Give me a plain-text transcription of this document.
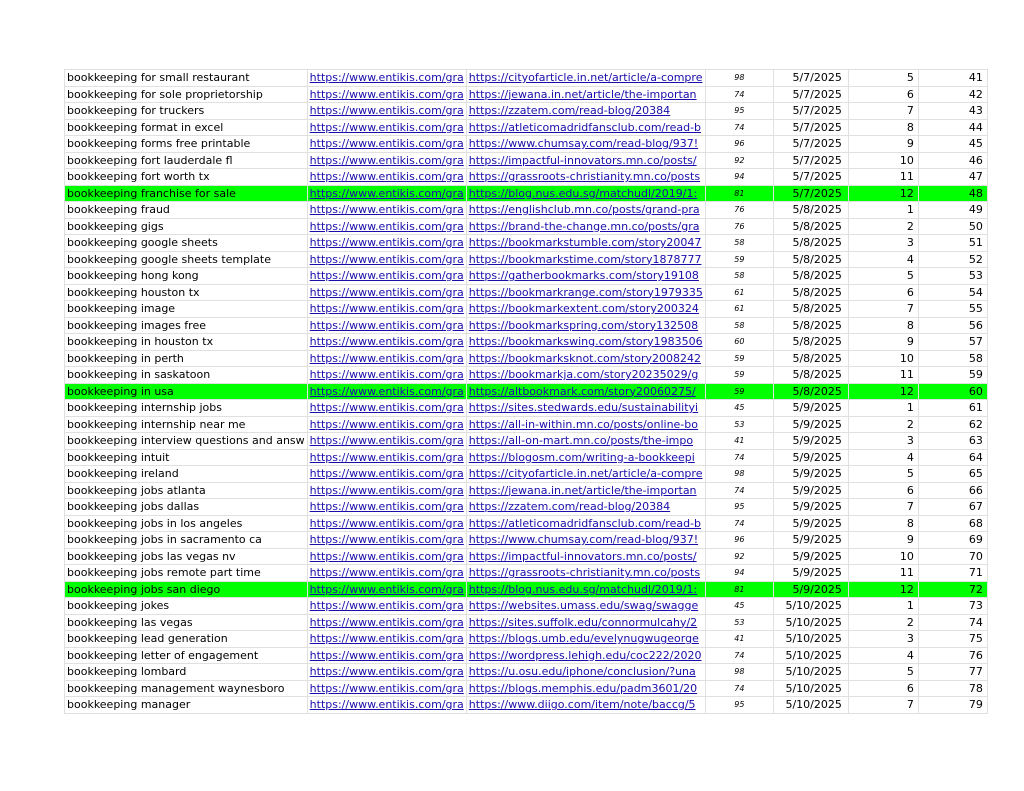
bookkeeping for small restaurant	https://www.entikis.com/gra	https://cityofarticle.in.net/article/a-compre	98	5/7/2025	5	41
bookkeeping for sole proprietorship	https://www.entikis.com/gra	https://jewana.in.net/article/the-importan	74	5/7/2025	6	42
bookkeeping for truckers	https://www.entikis.com/gra	https://zzatem.com/read-blog/20384	95	5/7/2025	7	43
bookkeeping format in excel	https://www.entikis.com/gra	https://atleticomadridfansclub.com/read-b	74	5/7/2025	8	44
bookkeeping forms free printable	https://www.entikis.com/gra	https://www.chumsay.com/read-blog/937!	96	5/7/2025	9	45
bookkeeping fort lauderdale fl	https://www.entikis.com/gra	https://impactful-innovators.mn.co/posts/	92	5/7/2025	10	46
bookkeeping fort worth tx	https://www.entikis.com/gra	https://grassroots-christianity.mn.co/posts	94	5/7/2025	11	47
bookkeeping franchise for sale	https://www.entikis.com/gra	https://blog.nus.edu.sg/matchudl/2019/1:	81	5/7/2025	12	48
bookkeeping fraud	https://www.entikis.com/gra	https://englishclub.mn.co/posts/grand-pra	76	5/8/2025	1	49
bookkeeping gigs	https://www.entikis.com/gra	https://brand-the-change.mn.co/posts/gra	76	5/8/2025	2	50
bookkeeping google sheets	https://www.entikis.com/gra	https://bookmarkstumble.com/story20047	58	5/8/2025	3	51
bookkeeping google sheets template	https://www.entikis.com/gra	https://bookmarkstime.com/story1878777	59	5/8/2025	4	52
bookkeeping hong kong	https://www.entikis.com/gra	https://gatherbookmarks.com/story19108	58	5/8/2025	5	53
bookkeeping houston tx	https://www.entikis.com/gra	https://bookmarkrange.com/story1979335	61	5/8/2025	6	54
bookkeeping image	https://www.entikis.com/gra	https://bookmarkextent.com/story200324	61	5/8/2025	7	55
bookkeeping images free	https://www.entikis.com/gra	https://bookmarkspring.com/story132508	58	5/8/2025	8	56
bookkeeping in houston tx	https://www.entikis.com/gra	https://bookmarkswing.com/story1983506	60	5/8/2025	9	57
bookkeeping in perth	https://www.entikis.com/gra	https://bookmarksknot.com/story2008242	59	5/8/2025	10	58
bookkeeping in saskatoon	https://www.entikis.com/gra	https://bookmarkja.com/story20235029/g	59	5/8/2025	11	59
bookkeeping in usa	https://www.entikis.com/gra	https://altbookmark.com/story20060275/	59	5/8/2025	12	60
bookkeeping internship jobs	https://www.entikis.com/gra	https://sites.stedwards.edu/sustainabilityi	45	5/9/2025	1	61
bookkeeping internship near me	https://www.entikis.com/gra	https://all-in-within.mn.co/posts/online-bo	53	5/9/2025	2	62
bookkeeping interview questions and answ	https://www.entikis.com/gra	https://all-on-mart.mn.co/posts/the-impo	41	5/9/2025	3	63
bookkeeping intuit	https://www.entikis.com/gra	https://blogosm.com/writing-a-bookkeepi	74	5/9/2025	4	64
bookkeeping ireland	https://www.entikis.com/gra	https://cityofarticle.in.net/article/a-compre	98	5/9/2025	5	65
bookkeeping jobs atlanta	https://www.entikis.com/gra	https://jewana.in.net/article/the-importan	74	5/9/2025	6	66
bookkeeping jobs dallas	https://www.entikis.com/gra	https://zzatem.com/read-blog/20384	95	5/9/2025	7	67
bookkeeping jobs in los angeles	https://www.entikis.com/gra	https://atleticomadridfansclub.com/read-b	74	5/9/2025	8	68
bookkeeping jobs in sacramento ca	https://www.entikis.com/gra	https://www.chumsay.com/read-blog/937!	96	5/9/2025	9	69
bookkeeping jobs las vegas nv	https://www.entikis.com/gra	https://impactful-innovators.mn.co/posts/	92	5/9/2025	10	70
bookkeeping jobs remote part time	https://www.entikis.com/gra	https://grassroots-christianity.mn.co/posts	94	5/9/2025	11	71
bookkeeping jobs san diego	https://www.entikis.com/gra	https://blog.nus.edu.sg/matchudl/2019/1:	81	5/9/2025	12	72
bookkeeping jokes	https://www.entikis.com/gra	https://websites.umass.edu/swag/swagge	45	5/10/2025	1	73
bookkeeping las vegas	https://www.entikis.com/gra	https://sites.suffolk.edu/connormulcahy/2	53	5/10/2025	2	74
bookkeeping lead generation	https://www.entikis.com/gra	https://blogs.umb.edu/evelynugwugeorge	41	5/10/2025	3	75
bookkeeping letter of engagement	https://www.entikis.com/gra	https://wordpress.lehigh.edu/coc222/2020	74	5/10/2025	4	76
bookkeeping lombard	https://www.entikis.com/gra	https://u.osu.edu/iphone/conclusion/?una	98	5/10/2025	5	77
bookkeeping management waynesboro	https://www.entikis.com/gra	https://blogs.memphis.edu/padm3601/20	74	5/10/2025	6	78
bookkeeping manager	https://www.entikis.com/gra	https://www.diigo.com/item/note/baccg/5	95	5/10/2025	7	79
